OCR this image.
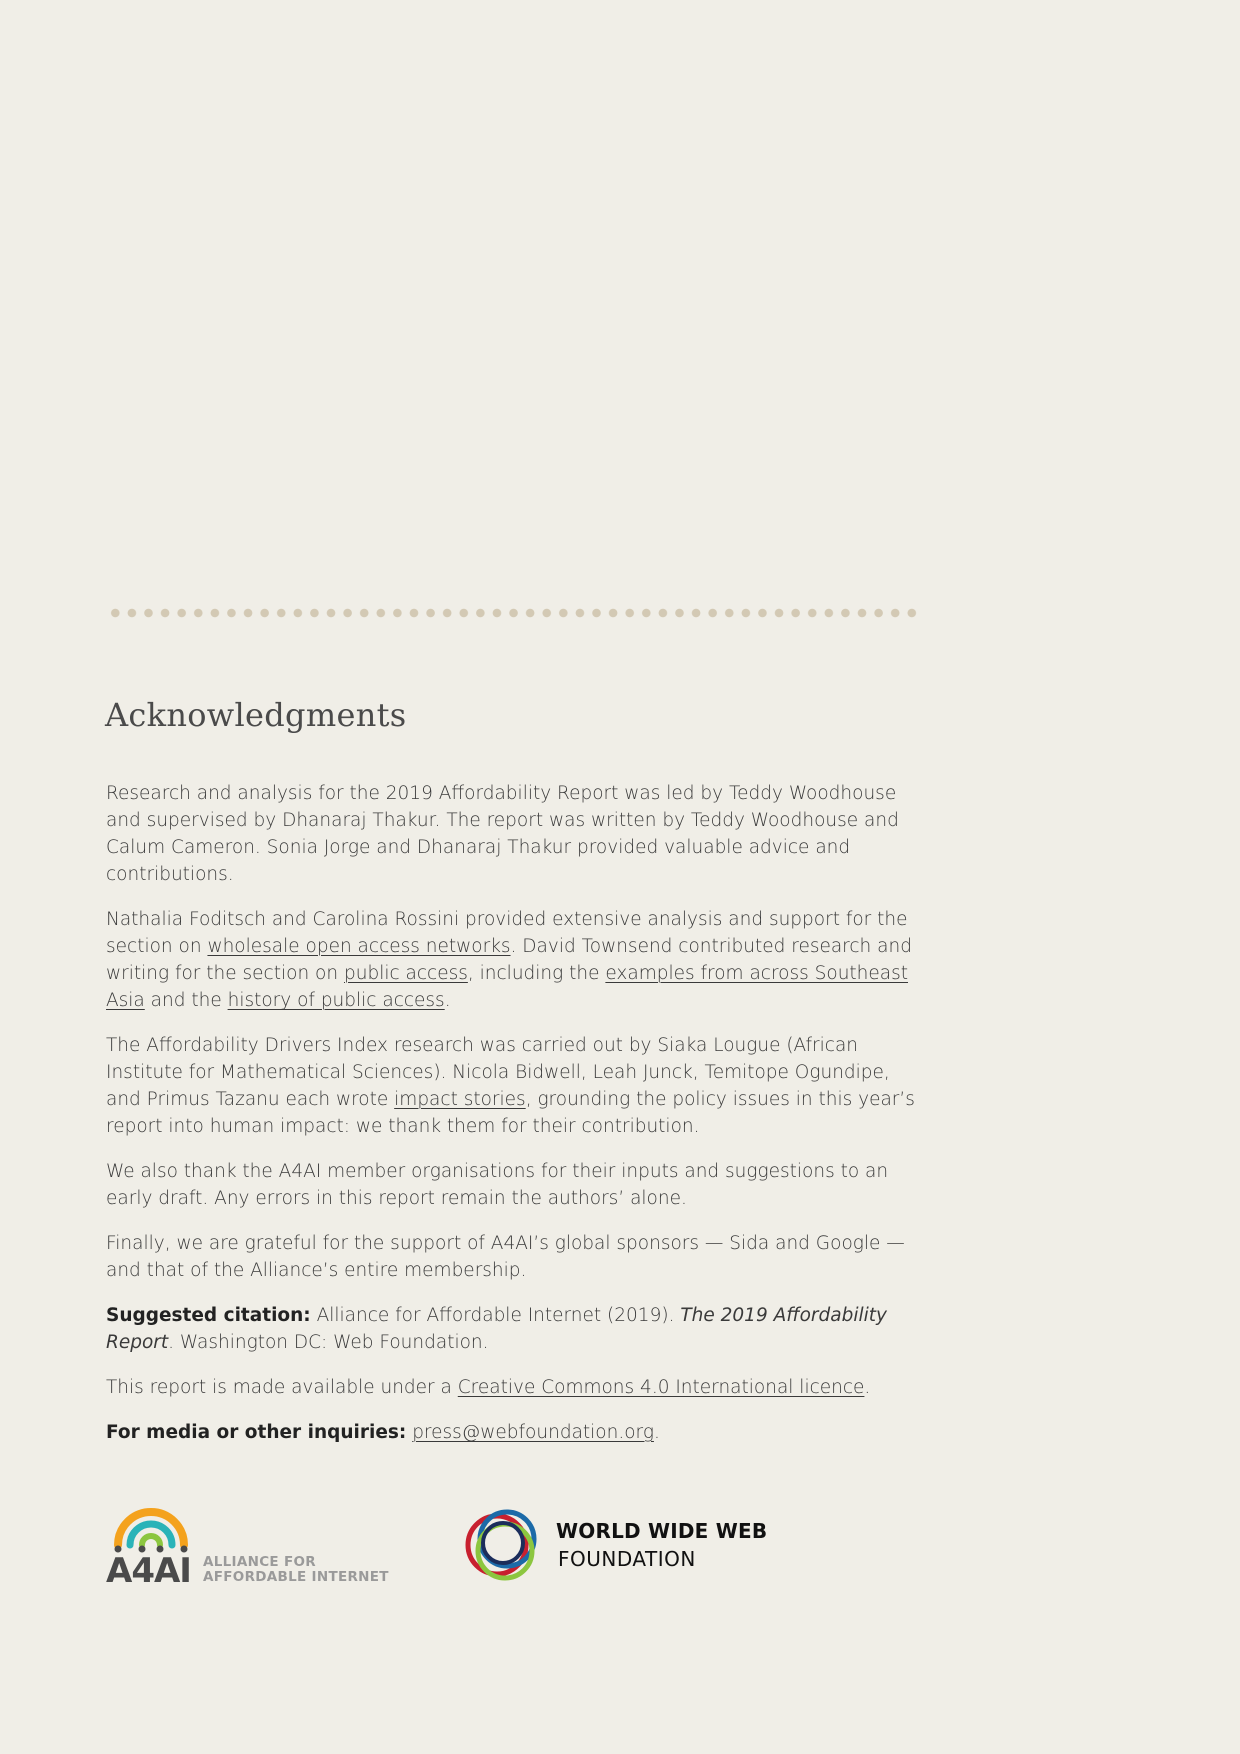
Acknowledgments

Research and analysis for the 2019 Affordability Report was led by Teddy Woodhouse and supervised by Dhanaraj Thakur. The report was written by Teddy Woodhouse and Calum Cameron. Sonia Jorge and Dhanaraj Thakur provided valuable advice and contributions.

Nathalia Foditsch and Carolina Rossini provided extensive analysis and support for the section on wholesale open access networks. David Townsend contributed research and writing for the section on public access, including the examples from across Southeast Asia and the history of public access.

The Affordability Drivers Index research was carried out by Siaka Lougue (African Institute for Mathematical Sciences). Nicola Bidwell, Leah Junck, Temitope Ogundipe, and Primus Tazanu each wrote impact stories, grounding the policy issues in this year’s report into human impact: we thank them for their contribution.

We also thank the A4AI member organisations for their inputs and suggestions to an early draft. Any errors in this report remain the authors’ alone.

Finally, we are grateful for the support of A4AI’s global sponsors — Sida and Google — and that of the Alliance’s entire membership.

Suggested citation: Alliance for Affordable Internet (2019). The 2019 Affordability Report. Washington DC: Web Foundation.

This report is made available under a Creative Commons 4.0 International licence.

For media or other inquiries: press@webfoundation.org.

A4AI ALLIANCE FOR
AFFORDABLE INTERNET
WORLD WIDE WEB
FOUNDATION
